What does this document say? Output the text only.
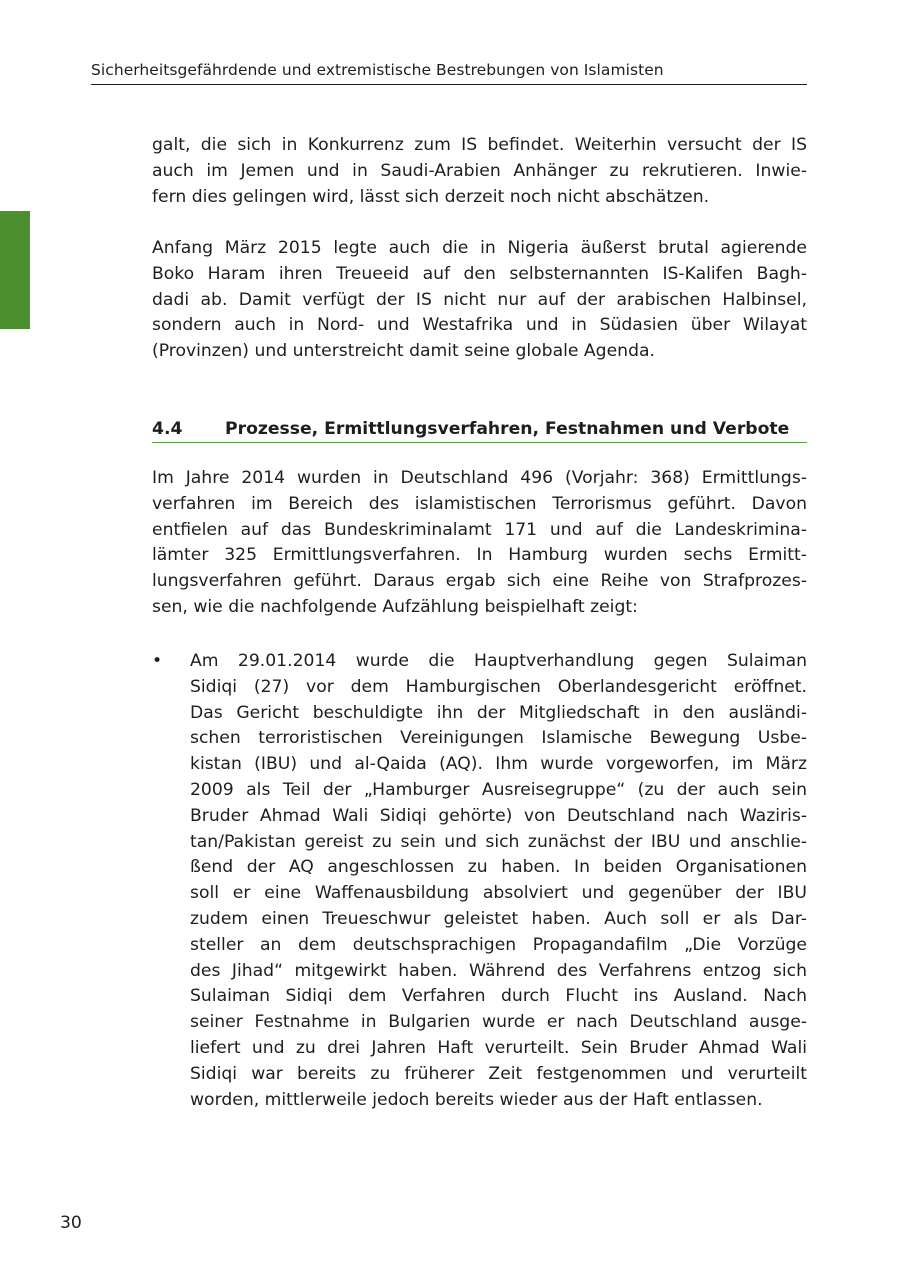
Sicherheitsgefährdende und extremistische Bestrebungen von Islamisten
galt, die sich in Konkurrenz zum IS befindet. Weiterhin versucht der IS
auch im Jemen und in Saudi-Arabien Anhänger zu rekrutieren. Inwie-
fern dies gelingen wird, lässt sich derzeit noch nicht abschätzen.
Anfang März 2015 legte auch die in Nigeria äußerst brutal agierende
Boko Haram ihren Treueeid auf den selbsternannten IS-Kalifen Bagh-
dadi ab. Damit verfügt der IS nicht nur auf der arabischen Halbinsel,
sondern auch in Nord- und Westafrika und in Südasien über Wilayat
(Provinzen) und unterstreicht damit seine globale Agenda.
4.4 Prozesse, Ermittlungsverfahren, Festnahmen und Verbote
Im Jahre 2014 wurden in Deutschland 496 (Vorjahr: 368) Ermittlungs-
verfahren im Bereich des islamistischen Terrorismus geführt. Davon
entfielen auf das Bundeskriminalamt 171 und auf die Landeskrimina-
lämter 325 Ermittlungsverfahren. In Hamburg wurden sechs Ermitt-
lungsverfahren geführt. Daraus ergab sich eine Reihe von Strafprozes-
sen, wie die nachfolgende Aufzählung beispielhaft zeigt:
•	Am 29.01.2014 wurde die Hauptverhandlung gegen Sulaiman
Sidiqi (27) vor dem Hamburgischen Oberlandesgericht eröffnet.
Das Gericht beschuldigte ihn der Mitgliedschaft in den ausländi-
schen terroristischen Vereinigungen Islamische Bewegung Usbe-
kistan (IBU) und al-Qaida (AQ). Ihm wurde vorgeworfen, im März
2009 als Teil der „Hamburger Ausreisegruppe“ (zu der auch sein
Bruder Ahmad Wali Sidiqi gehörte) von Deutschland nach Waziris-
tan/Pakistan gereist zu sein und sich zunächst der IBU und anschlie-
ßend der AQ angeschlossen zu haben. In beiden Organisationen
soll er eine Waffenausbildung absolviert und gegenüber der IBU
zudem einen Treueschwur geleistet haben. Auch soll er als Dar-
steller an dem deutschsprachigen Propagandafilm „Die Vorzüge
des Jihad“ mitgewirkt haben. Während des Verfahrens entzog sich
Sulaiman Sidiqi dem Verfahren durch Flucht ins Ausland. Nach
seiner Festnahme in Bulgarien wurde er nach Deutschland ausge-
liefert und zu drei Jahren Haft verurteilt. Sein Bruder Ahmad Wali
Sidiqi war bereits zu früherer Zeit festgenommen und verurteilt
worden, mittlerweile jedoch bereits wieder aus der Haft entlassen.
30
